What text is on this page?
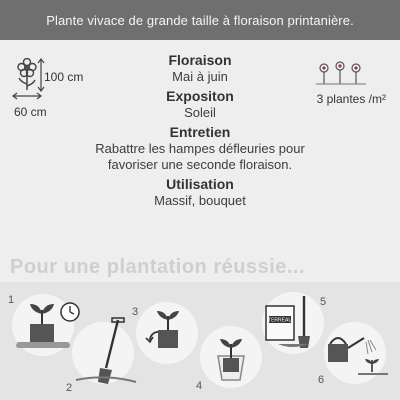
Plante vivace de grande taille à floraison printanière.
100 cm
60 cm
3 plantes /m²
Floraison
Mai à juin
Expositon
Soleil
Entretien
Rabattre les hampes défleuries pour favoriser une seconde floraison.
Utilisation
Massif, bouquet
Pour une plantation réussie...
1
2
3
4
5
TERREAU
6
